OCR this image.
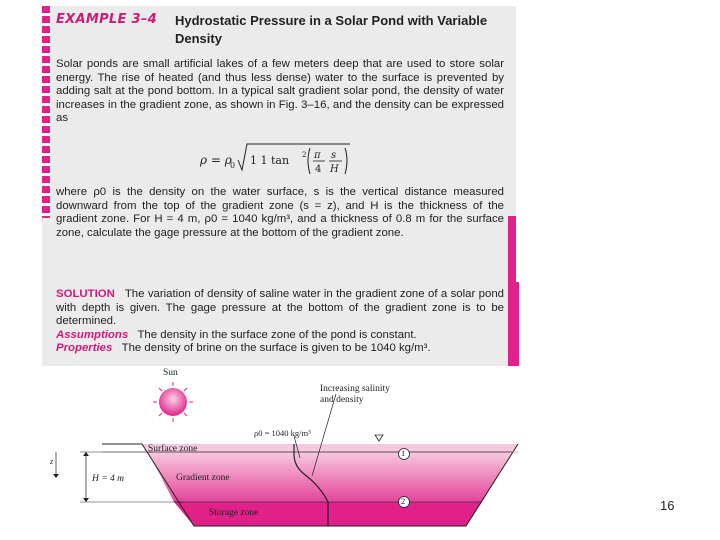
EXAMPLE 3–4 Hydrostatic Pressure in a Solar Pond with Variable Density

Solar ponds are small artificial lakes of a few meters deep that are used to store solar energy. The rise of heated (and thus less dense) water to the surface is prevented by adding salt at the pond bottom. In a typical salt gradient solar pond, the density of water increases in the gradient zone, as shown in Fig. 3–16, and the density can be expressed as

ρ = ρ
0 1 1 tan 2 π
4
s
H

where ρ0 is the density on the water surface, s is the vertical distance measured downward from the top of the gradient zone (s = z), and H is the thickness of the gradient zone. For H = 4 m, ρ0 = 1040 kg/m³, and a thickness of 0.8 m for the surface zone, calculate the gage pressure at the bottom of the gradient zone.

SOLUTION The variation of density of saline water in the gradient zone of a solar pond with depth is given. The gage pressure at the bottom of the gradient zone is to be determined.
Assumptions The density in the surface zone of the pond is constant.
Properties The density of brine on the surface is given to be 1040 kg/m³.

Sun
Increasing salinity
and density
ρ0 = 1040 kg/m³
Surface zone
Gradient zone
Storage zone
H = 4 m
z
1
2	16
